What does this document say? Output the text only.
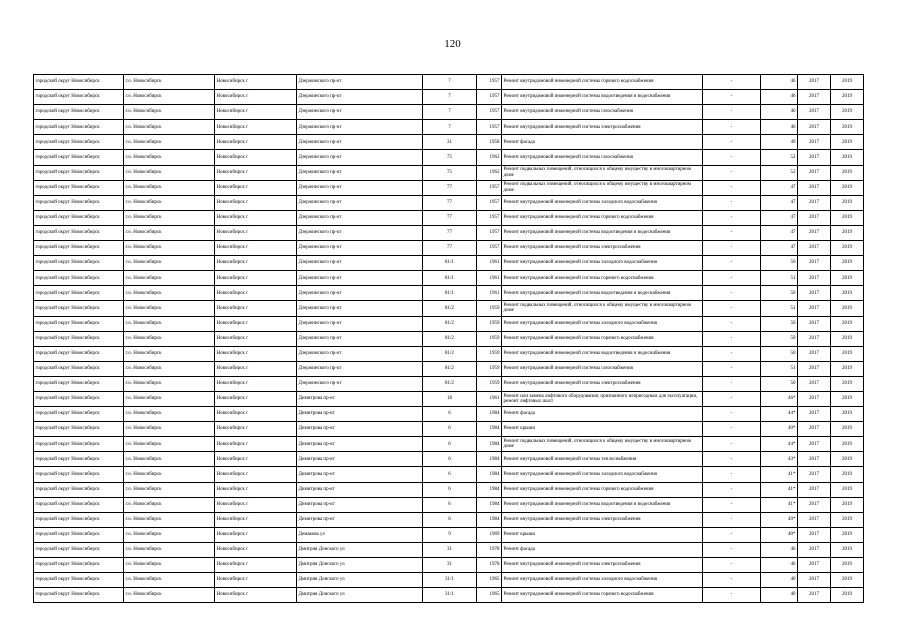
120
городской округ Новосибирск	г.о. Новосибирск	Новосибирск г	Дзержинского пр-кт	7	1957	Ремонт внутридомовой инженерной системы горячего водоснабжения	-	46	2017	2019
городской округ Новосибирск	г.о. Новосибирск	Новосибирск г	Дзержинского пр-кт	7	1957	Ремонт внутридомовой инженерной системы водоотведения и водоснабжения	-	46	2017	2019
городской округ Новосибирск	г.о. Новосибирск	Новосибирск г	Дзержинского пр-кт	7	1957	Ремонт внутридомовой инженерной системы газоснабжения	-	46	2017	2019
городской округ Новосибирск	г.о. Новосибирск	Новосибирск г	Дзержинского пр-кт	7	1957	Ремонт внутридомовой инженерной системы электроснабжения	-	46	2017	2019
городской округ Новосибирск	г.о. Новосибирск	Новосибирск г	Дзержинского пр-кт	31	1958	Ремонт фасада	-	49	2017	2019
городской округ Новосибирск	г.о. Новосибирск	Новосибирск г	Дзержинского пр-кт	75	1962	Ремонт внутридомовой инженерной системы газоснабжения	-	52	2017	2019
городской округ Новосибирск	г.о. Новосибирск	Новосибирск г	Дзержинского пр-кт	75	1962	Ремонт подвальных помещений, относящихся к общему имуществу в многоквартирном доме	-	52	2017	2019
городской округ Новосибирск	г.о. Новосибирск	Новосибирск г	Дзержинского пр-кт	77	1957	Ремонт подвальных помещений, относящихся к общему имуществу в многоквартирном доме	-	47	2017	2019
городской округ Новосибирск	г.о. Новосибирск	Новосибирск г	Дзержинского пр-кт	77	1957	Ремонт внутридомовой инженерной системы холодного водоснабжения	-	47	2017	2019
городской округ Новосибирск	г.о. Новосибирск	Новосибирск г	Дзержинского пр-кт	77	1957	Ремонт внутридомовой инженерной системы горячего водоснабжения	-	47	2017	2019
городской округ Новосибирск	г.о. Новосибирск	Новосибирск г	Дзержинского пр-кт	77	1957	Ремонт внутридомовой инженерной системы водоотведения и водоснабжения	-	47	2017	2019
городской округ Новосибирск	г.о. Новосибирск	Новосибирск г	Дзержинского пр-кт	77	1957	Ремонт внутридомовой инженерной системы электроснабжения	-	47	2017	2019
городской округ Новосибирск	г.о. Новосибирск	Новосибирск г	Дзержинского пр-кт	81/1	1961	Ремонт внутридомовой инженерной системы холодного водоснабжения	-	50	2017	2019
городской округ Новосибирск	г.о. Новосибирск	Новосибирск г	Дзержинского пр-кт	81/1	1961	Ремонт внутридомовой инженерной системы горячего водоснабжения	-	51	2017	2019
городской округ Новосибирск	г.о. Новосибирск	Новосибирск г	Дзержинского пр-кт	81/1	1961	Ремонт внутридомовой инженерной системы водоотведения и водоснабжения	-	50	2017	2019
городской округ Новосибирск	г.о. Новосибирск	Новосибирск г	Дзержинского пр-кт	81/2	1959	Ремонт подвальных помещений, относящихся к общему имуществу в многоквартирном доме	-	51	2017	2019
городской округ Новосибирск	г.о. Новосибирск	Новосибирск г	Дзержинского пр-кт	81/2	1959	Ремонт внутридомовой инженерной системы холодного водоснабжения	-	50	2017	2019
городской округ Новосибирск	г.о. Новосибирск	Новосибирск г	Дзержинского пр-кт	81/2	1959	Ремонт внутридомовой инженерной системы горячего водоснабжения	-	50	2017	2019
городской округ Новосибирск	г.о. Новосибирск	Новосибирск г	Дзержинского пр-кт	81/2	1959	Ремонт внутридомовой инженерной системы водоотведения и водоснабжения	-	50	2017	2019
городской округ Новосибирск	г.о. Новосибирск	Новосибирск г	Дзержинского пр-кт	81/2	1959	Ремонт внутридомовой инженерной системы газоснабжения	-	51	2017	2019
городской округ Новосибирск	г.о. Новосибирск	Новосибирск г	Дзержинского пр-кт	81/2	1959	Ремонт внутридомовой инженерной системы электроснабжения	-	50	2017	2019
городской округ Новосибирск	г.о. Новосибирск	Новосибирск г	Димитрова пр-кт	18	1961	Ремонт или замена лифтового оборудования, признанного непригодным для эксплуатации, ремонт лифтовых шахт	-	46*	2017	2019
городской округ Новосибирск	г.о. Новосибирск	Новосибирск г	Димитрова пр-кт	6	1984	Ремонт фасада	-	44*	2017	2019
городской округ Новосибирск	г.о. Новосибирск	Новосибирск г	Димитрова пр-кт	6	1984	Ремонт крыши	-	40*	2017	2019
городской округ Новосибирск	г.о. Новосибирск	Новосибирск г	Димитрова пр-кт	6	1984	Ремонт подвальных помещений, относящихся к общему имуществу в многоквартирном доме	-	44*	2017	2019
городской округ Новосибирск	г.о. Новосибирск	Новосибирск г	Димитрова пр-кт	6	1984	Ремонт внутридомовой инженерной системы теплоснабжения	-	43*	2017	2019
городской округ Новосибирск	г.о. Новосибирск	Новосибирск г	Димитрова пр-кт	6	1984	Ремонт внутридомовой инженерной системы холодного водоснабжения	-	41*	2017	2019
городской округ Новосибирск	г.о. Новосибирск	Новосибирск г	Димитрова пр-кт	6	1984	Ремонт внутридомовой инженерной системы горячего водоснабжения	-	41*	2017	2019
городской округ Новосибирск	г.о. Новосибирск	Новосибирск г	Димитрова пр-кт	6	1984	Ремонт внутридомовой инженерной системы водоотведения и водоснабжения	-	41*	2017	2019
городской округ Новосибирск	г.о. Новосибирск	Новосибирск г	Димитрова пр-кт	6	1984	Ремонт внутридомовой инженерной системы электроснабжения	-	49*	2017	2019
городской округ Новосибирск	г.о. Новосибирск	Новосибирск г	Демакова ул	9	1969	Ремонт крыши	-	40*	2017	2019
городской округ Новосибирск	г.о. Новосибирск	Новосибирск г	Дмитрия Донского ул	31	1978	Ремонт фасада	-	46	2017	2019
городской округ Новосибирск	г.о. Новосибирск	Новосибирск г	Дмитрия Донского ул	31	1978	Ремонт внутридомовой инженерной системы электроснабжения	-	46	2017	2019
городской округ Новосибирск	г.о. Новосибирск	Новосибирск г	Дмитрия Донского ул	31/1	1965	Ремонт внутридомовой инженерной системы холодного водоснабжения	-	40	2017	2019
городской округ Новосибирск	г.о. Новосибирск	Новосибирск г	Дмитрия Донского ул	31/1	1965	Ремонт внутридомовой инженерной системы горячего водоснабжения	-	40	2017	2019
